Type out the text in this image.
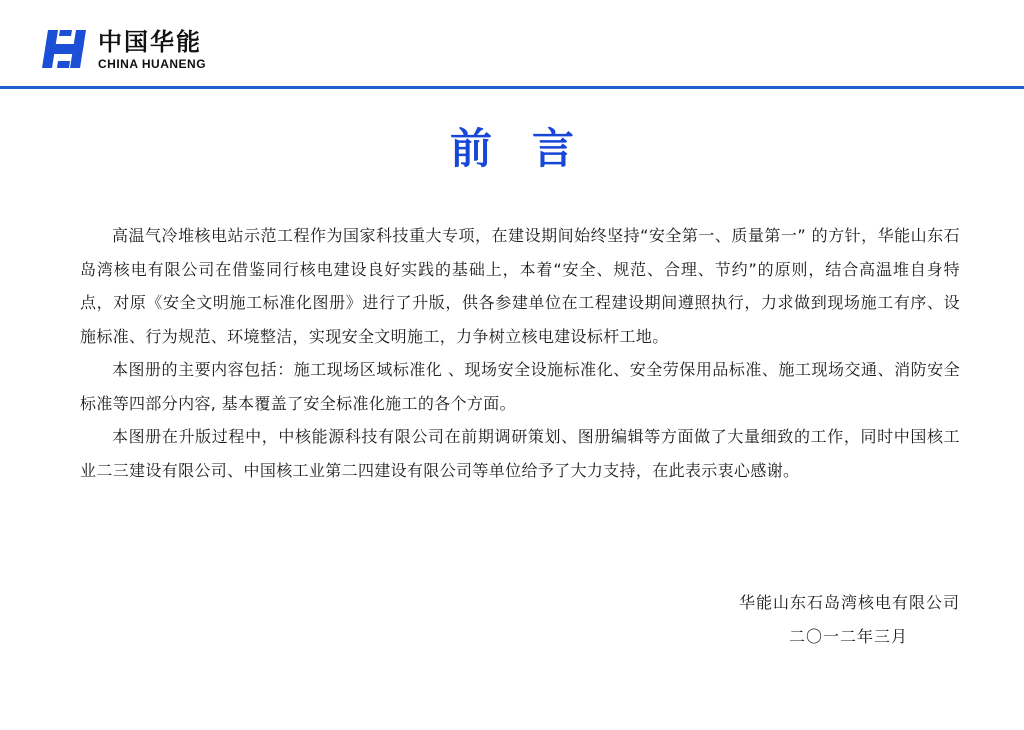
中国华能
CHINA HUANENG
前言

高温气冷堆核电站示范工程作为国家科技重大专项，在建设期间始终坚持“安全第一、质量第一” 的方针，华能山东石岛湾核电有限公司在借鉴同行核电建设良好实践的基础上，本着“安全、规范、合理、节约”的原则，结合高温堆自身特点，对原《安全文明施工标准化图册》进行了升版，供各参建单位在工程建设期间遵照执行，力求做到现场施工有序、设施标准、行为规范、环境整洁，实现安全文明施工，力争树立核电建设标杆工地。

本图册的主要内容包括：施工现场区域标准化 、现场安全设施标准化、安全劳保用品标准、施工现场交通、消防安全标准等四部分内容, 基本覆盖了安全标准化施工的各个方面。

本图册在升版过程中，中核能源科技有限公司在前期调研策划、图册编辑等方面做了大量细致的工作，同时中国核工业二三建设有限公司、中国核工业第二四建设有限公司等单位给予了大力支持，在此表示衷心感谢。

华能山东石岛湾核电有限公司
二〇一二年三月
